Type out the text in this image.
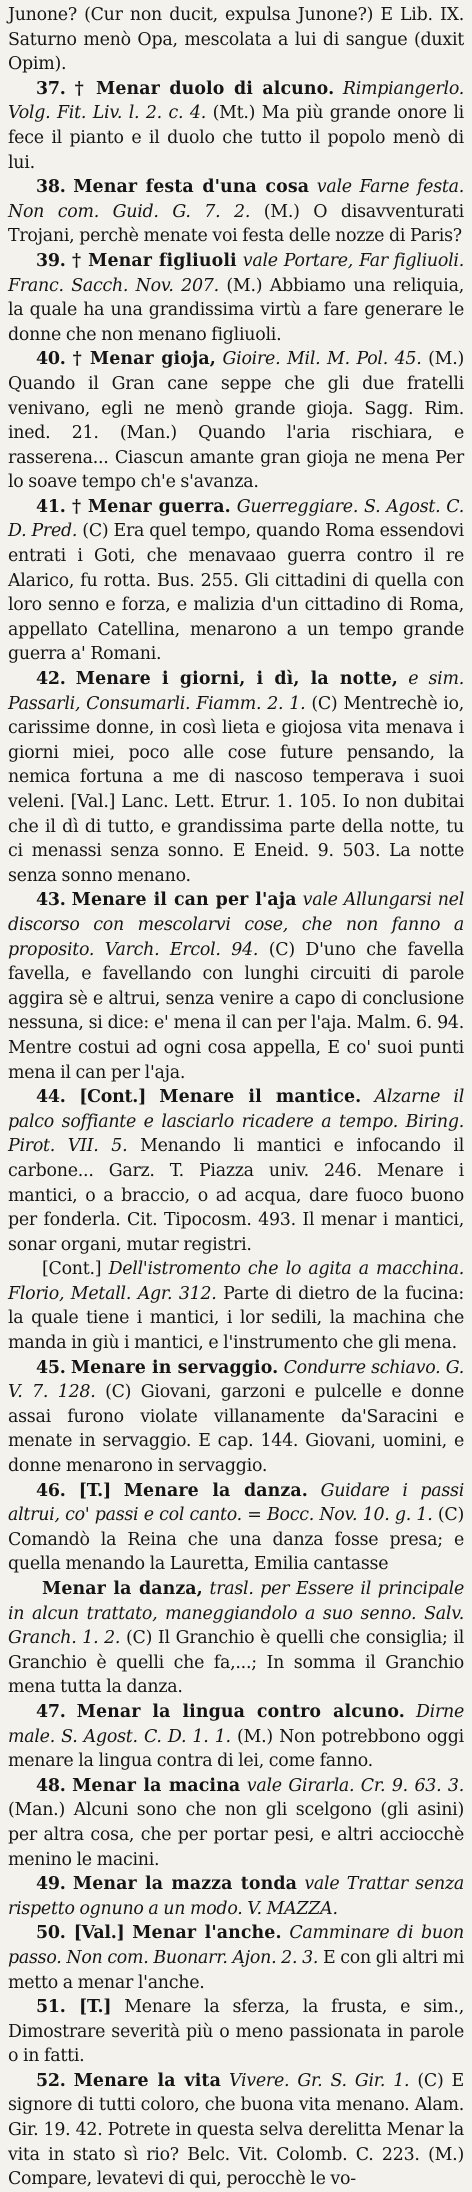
Junone? (Cur non ducit, expulsa Junone?) E Lib. IX. Saturno menò Opa, mescolata a lui di sangue (duxit Opim).

37. † Menar duolo di alcuno. Rimpiangerlo. Volg. Fit. Liv. l. 2. c. 4. (Mt.) Ma più grande onore li fece il pianto e il duolo che tutto il popolo menò di lui.

38. Menar festa d'una cosa vale Farne festa. Non com. Guid. G. 7. 2. (M.) O disavventurati Trojani, perchè menate voi festa delle nozze di Paris?

39. † Menar figliuoli vale Portare, Far figliuoli. Franc. Sacch. Nov. 207. (M.) Abbiamo una reliquia, la quale ha una grandissima virtù a fare generare le donne che non menano figliuoli.

40. † Menar gioja, Gioire. Mil. M. Pol. 45. (M.) Quando il Gran cane seppe che gli due fratelli venivano, egli ne menò grande gioja. Sagg. Rim. ined. 21. (Man.) Quando l'aria rischiara, e rasserena... Ciascun amante gran gioja ne mena Per lo soave tempo ch'e s'avanza.

41. † Menar guerra. Guerreggiare. S. Agost. C. D. Pred. (C) Era quel tempo, quando Roma essendovi entrati i Goti, che menavaao guerra contro il re Alarico, fu rotta. Bus. 255. Gli cittadini di quella con loro senno e forza, e malizia d'un cittadino di Roma, appellato Catellina, menarono a un tempo grande guerra a' Romani.

42. Menare i giorni, i dì, la notte, e sim. Passarli, Consumarli. Fiamm. 2. 1. (C) Mentrechè io, carissime donne, in così lieta e giojosa vita menava i giorni miei, poco alle cose future pensando, la nemica fortuna a me di nascoso temperava i suoi veleni. [Val.] Lanc. Lett. Etrur. 1. 105. Io non dubitai che il dì di tutto, e grandissima parte della notte, tu ci menassi senza sonno. E Eneid. 9. 503. La notte senza sonno menano.

43. Menare il can per l'aja vale Allungarsi nel discorso con mescolarvi cose, che non fanno a proposito. Varch. Ercol. 94. (C) D'uno che favella favella, e favellando con lunghi circuiti di parole aggira sè e altrui, senza venire a capo di conclusione nessuna, si dice: e' mena il can per l'aja. Malm. 6. 94. Mentre costui ad ogni cosa appella, E co' suoi punti mena il can per l'aja.

44. [Cont.] Menare il mantice. Alzarne il palco soffiante e lasciarlo ricadere a tempo. Biring. Pirot. VII. 5. Menando li mantici e infocando il carbone... Garz. T. Piazza univ. 246. Menare i mantici, o a braccio, o ad acqua, dare fuoco buono per fonderla. Cit. Tipocosm. 493. Il menar i mantici, sonar organi, mutar registri.

[Cont.] Dell'istromento che lo agita a macchina. Florio, Metall. Agr. 312. Parte di dietro de la fucina: la quale tiene i mantici, i lor sedili, la machina che manda in giù i mantici, e l'instrumento che gli mena.

45. Menare in servaggio. Condurre schiavo. G. V. 7. 128. (C) Giovani, garzoni e pulcelle e donne assai furono violate villanamente da'Saracini e menate in servaggio. E cap. 144. Giovani, uomini, e donne menarono in servaggio.

46. [T.] Menare la danza. Guidare i passi altrui, co' passi e col canto. = Bocc. Nov. 10. g. 1. (C) Comandò la Reina che una danza fosse presa; e quella menando la Lauretta, Emilia cantasse

Menar la danza, trasl. per Essere il principale in alcun trattato, maneggiandolo a suo senno. Salv. Granch. 1. 2. (C) Il Granchio è quelli che consiglia; il Granchio è quelli che fa,...; In somma il Granchio mena tutta la danza.

47. Menar la lingua contro alcuno. Dirne male. S. Agost. C. D. 1. 1. (M.) Non potrebbono oggi menare la lingua contra di lei, come fanno.

48. Menar la macina vale Girarla. Cr. 9. 63. 3. (Man.) Alcuni sono che non gli scelgono (gli asini) per altra cosa, che per portar pesi, e altri acciocchè menino le macini.

49. Menar la mazza tonda vale Trattar senza rispetto ognuno a un modo. V. MAZZA.

50. [Val.] Menar l'anche. Camminare di buon passo. Non com. Buonarr. Ajon. 2. 3. E con gli altri mi metto a menar l'anche.

51. [T.] Menare la sferza, la frusta, e sim., Dimostrare severità più o meno passionata in parole o in fatti.

52. Menare la vita Vivere. Gr. S. Gir. 1. (C) E signore di tutti coloro, che buona vita menano. Alam. Gir. 19. 42. Potrete in questa selva derelitta Menar la vita in stato sì rio? Belc. Vit. Colomb. C. 223. (M.) Compare, levatevi di qui, perocchè le vo-
